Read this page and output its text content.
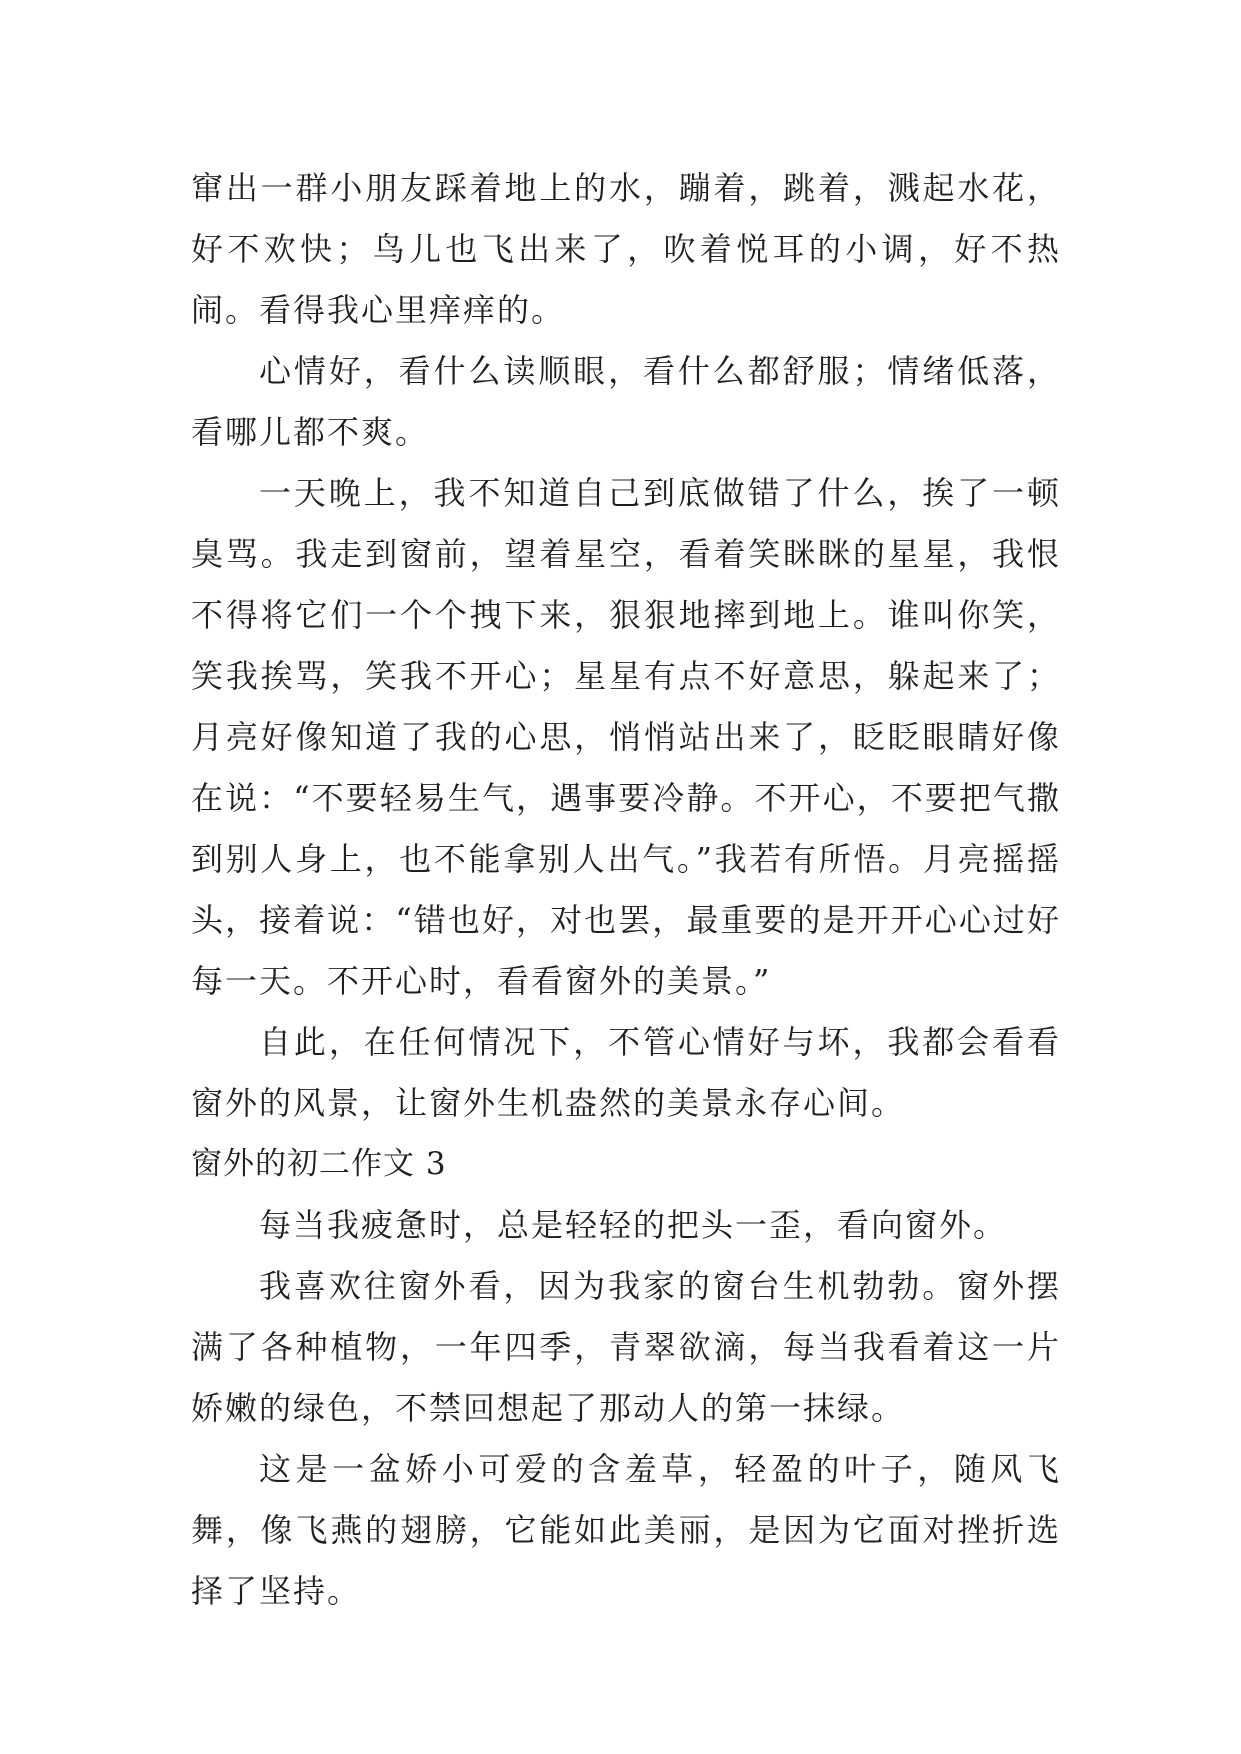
窜出一群小朋友踩着地上的水，蹦着，跳着，溅起水花，好不欢快；鸟儿也飞出来了，吹着悦耳的小调，好不热闹。看得我心里痒痒的。

心情好，看什么读顺眼，看什么都舒服；情绪低落，看哪儿都不爽。

一天晚上，我不知道自己到底做错了什么，挨了一顿臭骂。我走到窗前，望着星空，看着笑眯眯的星星，我恨不得将它们一个个拽下来，狠狠地摔到地上。谁叫你笑，笑我挨骂，笑我不开心；星星有点不好意思，躲起来了；月亮好像知道了我的心思，悄悄站出来了，眨眨眼睛好像在说：“不要轻易生气，遇事要冷静。不开心，不要把气撒到别人身上，也不能拿别人出气。”我若有所悟。月亮摇摇头，接着说：“错也好，对也罢，最重要的是开开心心过好每一天。不开心时，看看窗外的美景。”

自此，在任何情况下，不管心情好与坏，我都会看看窗外的风景，让窗外生机盎然的美景永存心间。

窗外的初二作文 3

每当我疲惫时，总是轻轻的把头一歪，看向窗外。

我喜欢往窗外看，因为我家的窗台生机勃勃。窗外摆满了各种植物，一年四季，青翠欲滴，每当我看着这一片娇嫩的绿色，不禁回想起了那动人的第一抹绿。

这是一盆娇小可爱的含羞草，轻盈的叶子，随风飞舞，像飞燕的翅膀，它能如此美丽，是因为它面对挫折选择了坚持。
